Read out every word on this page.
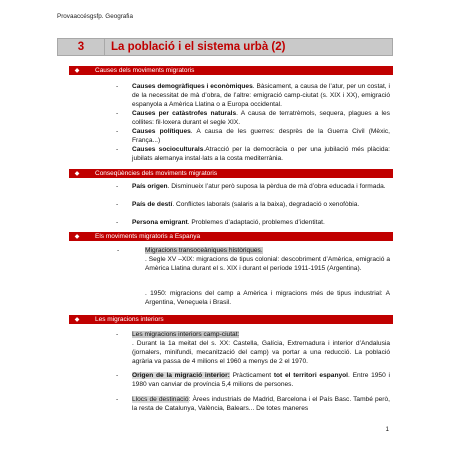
Provaaccésgsfp. Geografia
3	La població i el sistema urbà (2)
◆	Causes dels moviments migratoris
- Causes demogràfiques i econòmiques. Bàsicament, a causa de l’atur, per un costat, i de la necessitat de mà d’obra, de l’altre: emigració camp-ciutat (s. XIX i XX), emigració espanyola a Amèrica Llatina o a Europa occidental.
- Causes per catàstrofes naturals. A causa de terratrèmols, sequera, plagues a les collites: fil·loxera durant el segle XIX.
- Causes polítiques. A causa de les guerres: desprès de la Guerra Civil (Mèxic, França...)
- Causes socioculturals.Atracció per la democràcia o per una jubilació més plàcida: jubilats alemanya instal·lats a la costa mediterrània.
◆	Conseqüències dels moviments migratoris
- País origen. Disminueix l’atur però suposa la pèrdua de mà d’obra educada i formada.
- País de destí. Conflictes laborals (salaris a la baixa), degradació o xenofòbia.
- Persona emigrant. Problemes d’adaptació, problemes d’identitat.
◆	Els moviments migratoris a Espanya
-	Migracions transoceàniques històriques.
. Segle XV –XIX: migracions de tipus colonial: descobriment d’Amèrica, emigració a Amèrica Llatina durant el s. XIX i durant el període 1911-1915 (Argentina).
. 1950: migracions del camp a Amèrica i migracions més de tipus industrial: A Argentina, Veneçuela i Brasil.
◆	Les migracions interiors
- Les migracions interiors camp-ciutat:
. Durant la 1a meitat del s. XX: Castella, Galícia, Extremadura i interior d’Andalusia (jornalers, minifundi, mecanització del camp) va portar a una reducció. La població agrària va passa de 4 milions el 1960 a menys de 2 el 1970.
- Origen de la migració interior: Pràcticament tot el territori espanyol. Entre 1950 i 1980 van canviar de província 5,4 milions de persones.
- Llocs de destinació: Àrees industrials de Madrid, Barcelona i el País Basc. També però, la resta de Catalunya, València, Balears... De totes maneres
1
